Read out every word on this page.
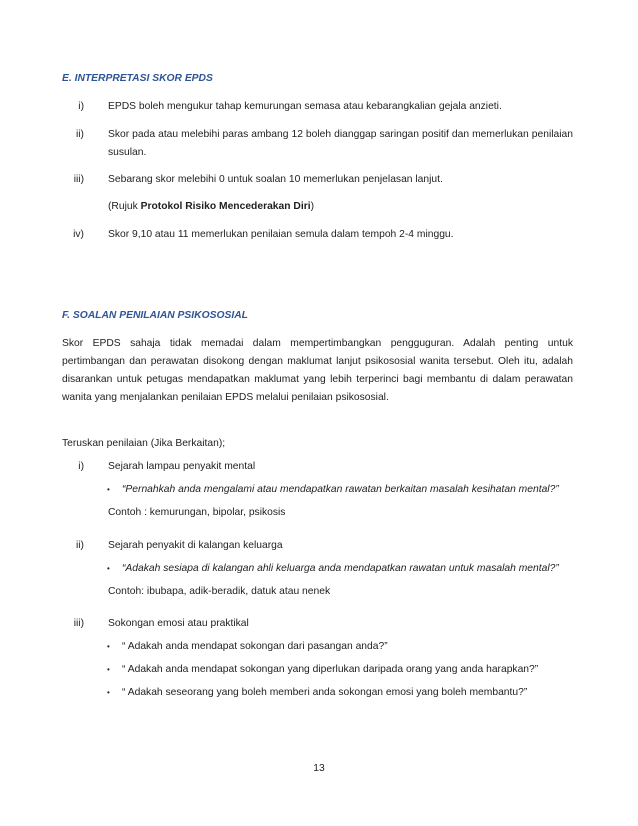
E. INTERPRETASI SKOR EPDS
i) EPDS boleh mengukur tahap kemurungan semasa atau kebarangkalian gejala anzieti.
ii) Skor pada atau melebihi paras ambang 12 boleh dianggap saringan positif dan memerlukan penilaian
susulan.
iii) Sebarang skor melebihi 0 untuk soalan 10 memerlukan penjelasan lanjut.
(Rujuk Protokol Risiko Mencederakan Diri)
iv) Skor 9,10 atau 11 memerlukan penilaian semula dalam tempoh 2-4 minggu.
F. SOALAN PENILAIAN PSIKOSOSIAL
Skor EPDS sahaja tidak memadai dalam mempertimbangkan pengguguran. Adalah penting untuk
pertimbangan dan perawatan disokong dengan maklumat lanjut psikososial wanita tersebut. Oleh itu, adalah
disarankan untuk petugas mendapatkan maklumat yang lebih terperinci bagi membantu di dalam perawatan
wanita yang menjalankan penilaian EPDS melalui penilaian psikososial.
Teruskan penilaian (Jika Berkaitan);
i) Sejarah lampau penyakit mental
• “Pernahkah anda mengalami atau mendapatkan rawatan berkaitan masalah kesihatan mental?”
Contoh : kemurungan, bipolar, psikosis
ii) Sejarah penyakit di kalangan keluarga
• “Adakah sesiapa di kalangan ahli keluarga anda mendapatkan rawatan untuk masalah mental?”
Contoh: ibubapa, adik-beradik, datuk atau nenek
iii) Sokongan emosi atau praktikal
• “ Adakah anda mendapat sokongan dari pasangan anda?”
• “ Adakah anda mendapat sokongan yang diperlukan daripada orang yang anda harapkan?”
• “ Adakah seseorang yang boleh memberi anda sokongan emosi yang boleh membantu?”
13
